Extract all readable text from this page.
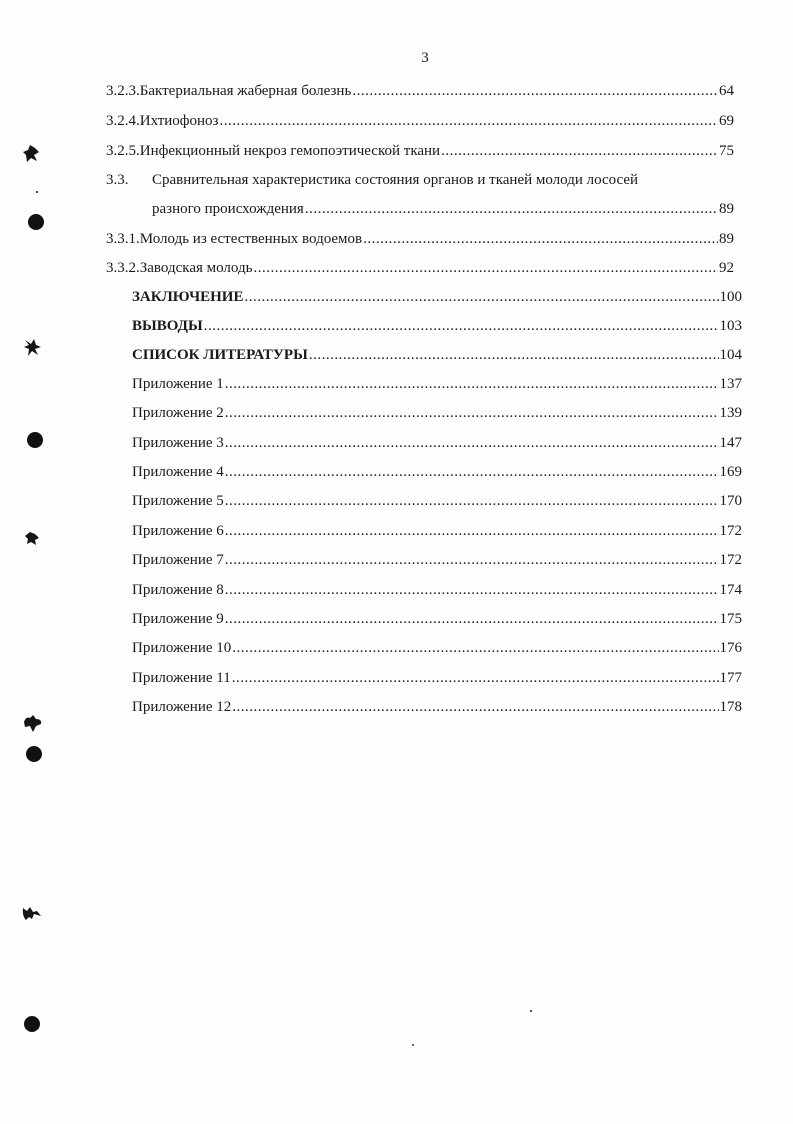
3
3.2.3. Бактериальная жаберная болезнь .....	64
3.2.4. Ихтиофоноз .....	69
3.2.5. Инфекционный некроз гемопоэтической ткани .....	75
3.3. Сравнительная характеристика состояния органов и тканей молоди лососей
разного происхождения .....	89
3.3.1. Молодь из естественных водоемов .....	89
3.3.2. Заводская молодь .....	92
ЗАКЛЮЧЕНИЕ .....	100
ВЫВОДЫ .....	103
СПИСОК ЛИТЕРАТУРЫ .....	104
Приложение 1 .....	137
Приложение 2 .....	139
Приложение 3 .....	147
Приложение 4 .....	169
Приложение 5 .....	170
Приложение 6 .....	172
Приложение 7 .....	172
Приложение 8 .....	174
Приложение 9 .....	175
Приложение 10 .....	176
Приложение 11 .....	177
Приложение 12 .....	178
